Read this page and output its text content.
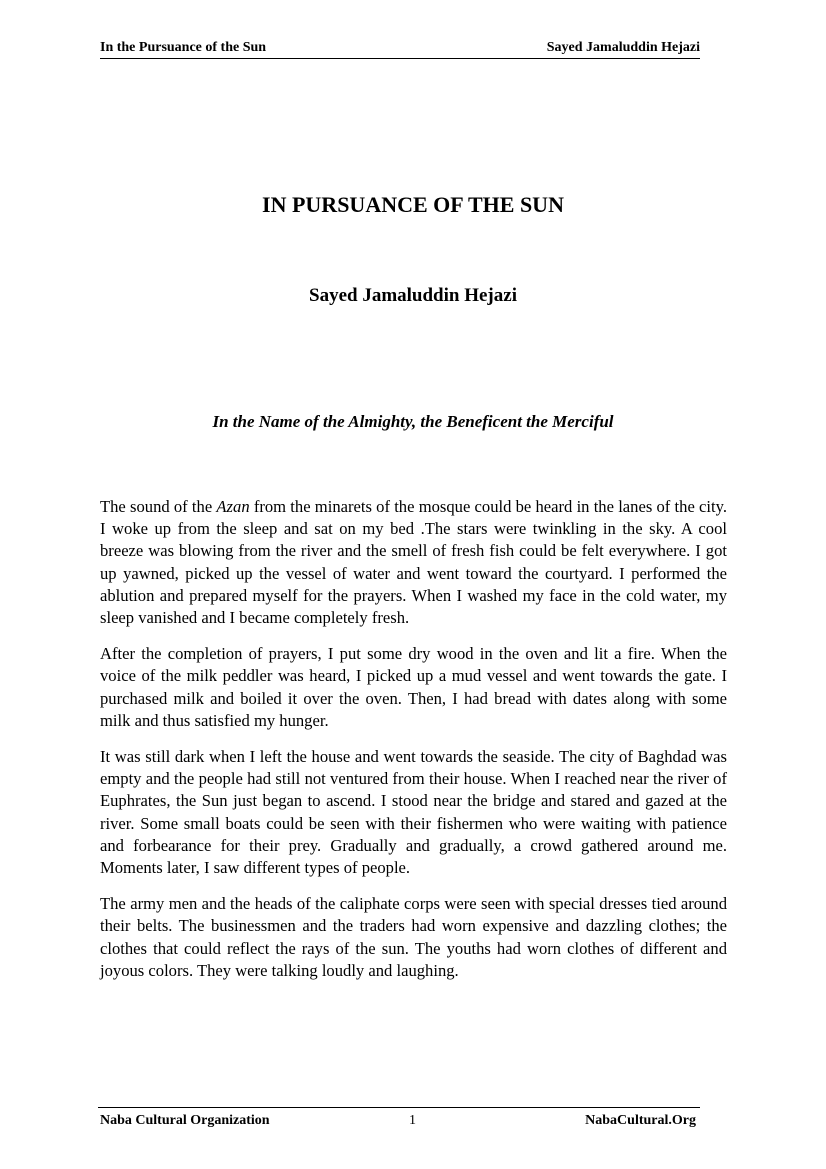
In the Pursuance of the Sun	Sayed Jamaluddin Hejazi
IN PURSUANCE OF THE SUN
Sayed Jamaluddin Hejazi
In the Name of the Almighty, the Beneficent the Merciful

The sound of the Azan from the minarets of the mosque could be heard in the lanes of the city. I woke up from the sleep and sat on my bed .The stars were twinkling in the sky. A cool breeze was blowing from the river and the smell of fresh fish could be felt everywhere. I got up yawned, picked up the vessel of water and went toward the courtyard. I performed the ablution and prepared myself for the prayers. When I washed my face in the cold water, my sleep vanished and I became completely fresh.

After the completion of prayers, I put some dry wood in the oven and lit a fire. When the voice of the milk peddler was heard, I picked up a mud vessel and went towards the gate. I purchased milk and boiled it over the oven. Then, I had bread with dates along with some milk and thus satisfied my hunger.

It was still dark when I left the house and went towards the seaside. The city of Baghdad was empty and the people had still not ventured from their house. When I reached near the river of Euphrates, the Sun just began to ascend. I stood near the bridge and stared and gazed at the river. Some small boats could be seen with their fishermen who were waiting with patience and forbearance for their prey. Gradually and gradually, a crowd gathered around me. Moments later, I saw different types of people.

The army men and the heads of the caliphate corps were seen with special dresses tied around their belts. The businessmen and the traders had worn expensive and dazzling clothes; the clothes that could reflect the rays of the sun. The youths had worn clothes of different and joyous colors. They were talking loudly and laughing.

Naba Cultural Organization	1	NabaCultural.Org
